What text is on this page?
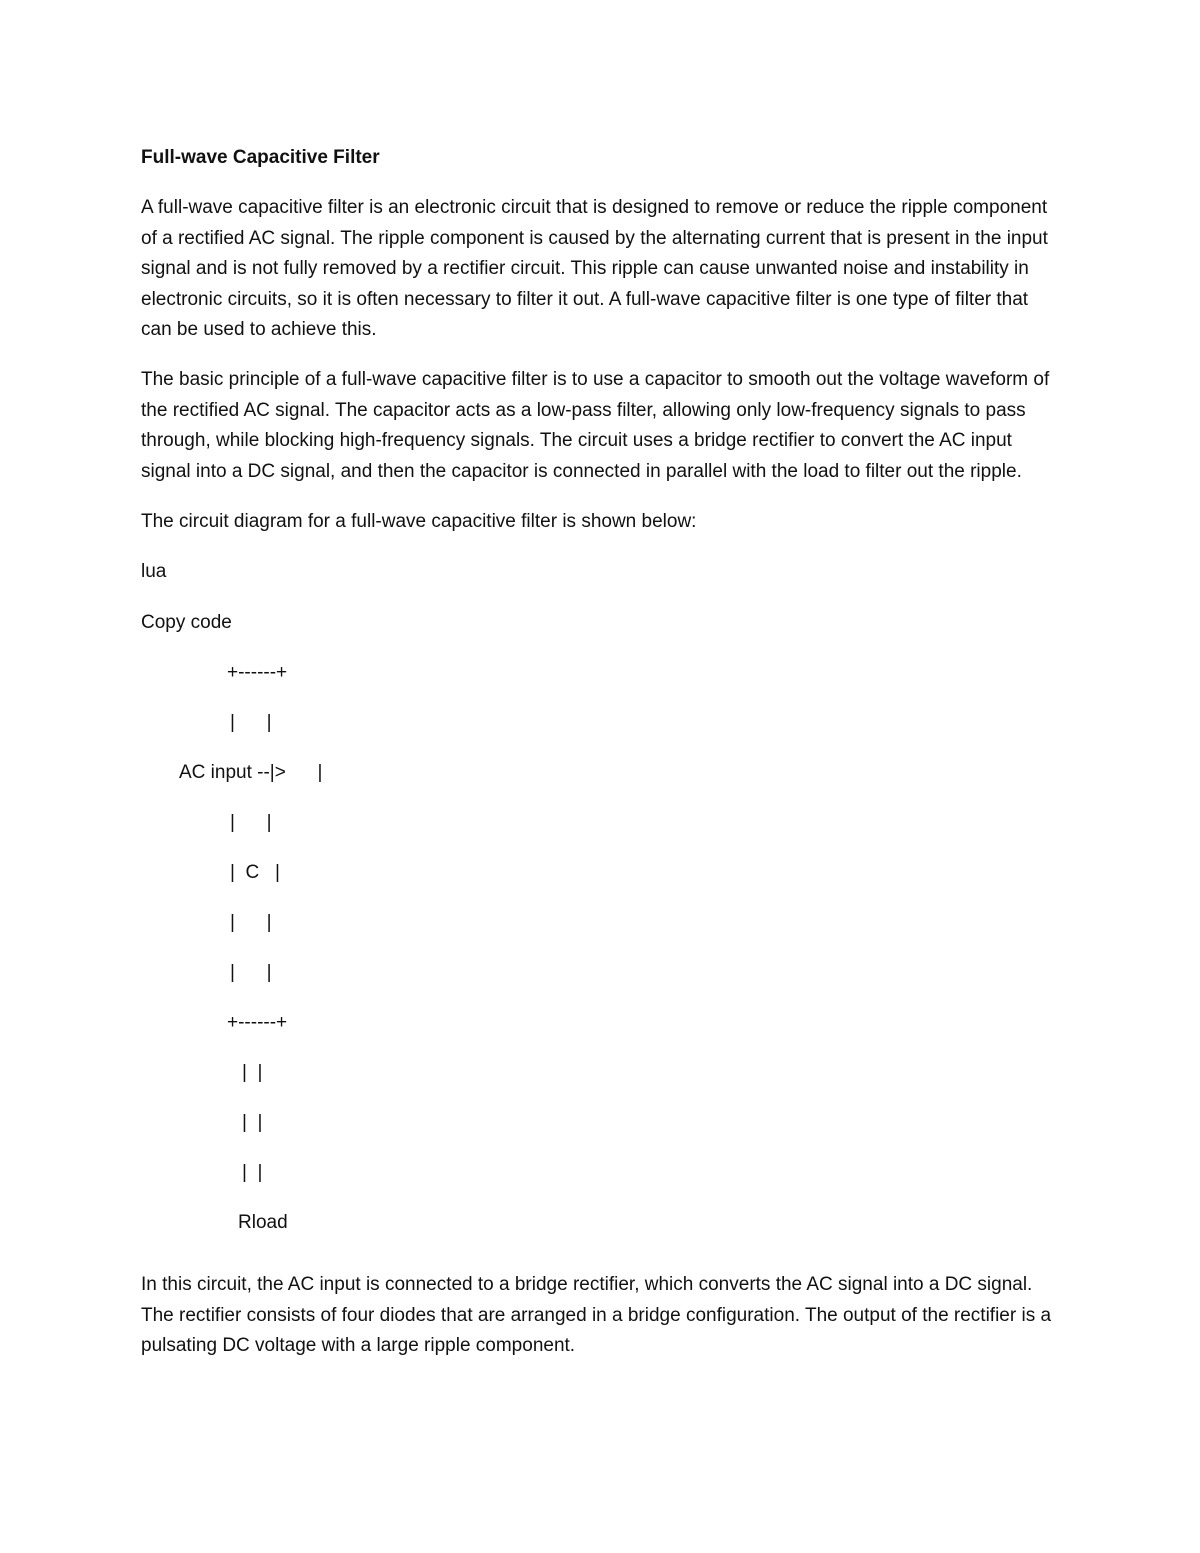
Full-wave Capacitive Filter
A full-wave capacitive filter is an electronic circuit that is designed to remove or reduce the ripple component of a rectified AC signal. The ripple component is caused by the alternating current that is present in the input signal and is not fully removed by a rectifier circuit. This ripple can cause unwanted noise and instability in electronic circuits, so it is often necessary to filter it out. A full-wave capacitive filter is one type of filter that can be used to achieve this.
The basic principle of a full-wave capacitive filter is to use a capacitor to smooth out the voltage waveform of the rectified AC signal. The capacitor acts as a low-pass filter, allowing only low-frequency signals to pass through, while blocking high-frequency signals. The circuit uses a bridge rectifier to convert the AC input signal into a DC signal, and then the capacitor is connected in parallel with the load to filter out the ripple.
The circuit diagram for a full-wave capacitive filter is shown below:
lua
Copy code
+------+
|      |
AC input --|>      |
|      |
|  C   |
|      |
|      |
+------+
|  |
|  |
|  |
Rload
In this circuit, the AC input is connected to a bridge rectifier, which converts the AC signal into a DC signal. The rectifier consists of four diodes that are arranged in a bridge configuration. The output of the rectifier is a pulsating DC voltage with a large ripple component.
